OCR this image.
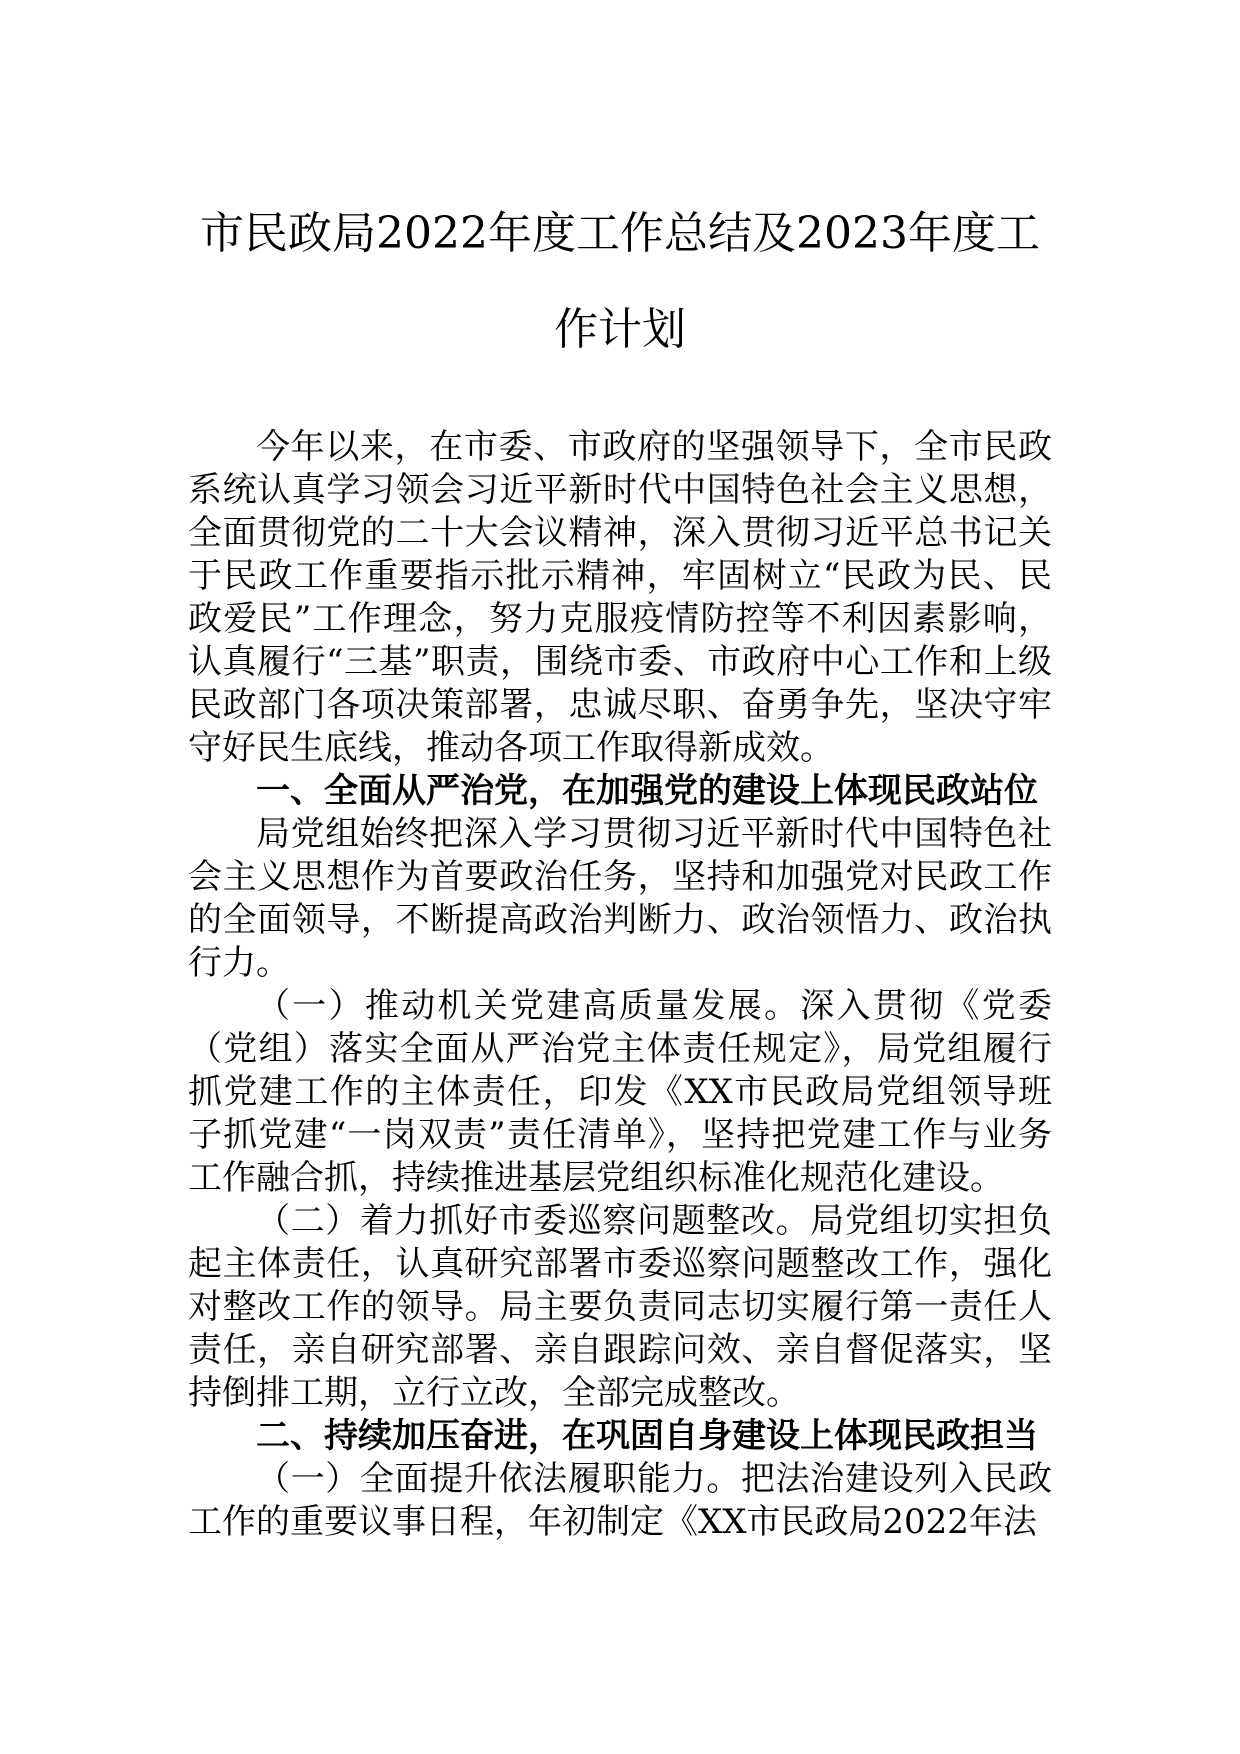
市民政局2022年度工作总结及2023年度工作计划

今年以来，在市委、市政府的坚强领导下，全市民政系统认真学习领会习近平新时代中国特色社会主义思想，全面贯彻党的二十大会议精神，深入贯彻习近平总书记关于民政工作重要指示批示精神，牢固树立“民政为民、民政爱民”工作理念，努力克服疫情防控等不利因素影响，认真履行“三基”职责，围绕市委、市政府中心工作和上级民政部门各项决策部署，忠诚尽职、奋勇争先，坚决守牢守好民生底线，推动各项工作取得新成效。

一、全面从严治党，在加强党的建设上体现民政站位

局党组始终把深入学习贯彻习近平新时代中国特色社会主义思想作为首要政治任务，坚持和加强党对民政工作的全面领导，不断提高政治判断力、政治领悟力、政治执行力。

（一）推动机关党建高质量发展。深入贯彻《党委（党组）落实全面从严治党主体责任规定》，局党组履行抓党建工作的主体责任，印发《XX市民政局党组领导班子抓党建“一岗双责”责任清单》，坚持把党建工作与业务工作融合抓，持续推进基层党组织标准化规范化建设。

（二）着力抓好市委巡察问题整改。局党组切实担负起主体责任，认真研究部署市委巡察问题整改工作，强化对整改工作的领导。局主要负责同志切实履行第一责任人责任，亲自研究部署、亲自跟踪问效、亲自督促落实，坚持倒排工期，立行立改，全部完成整改。

二、持续加压奋进，在巩固自身建设上体现民政担当

（一）全面提升依法履职能力。把法治建设列入民政工作的重要议事日程，年初制定《XX市民政局2022年法
